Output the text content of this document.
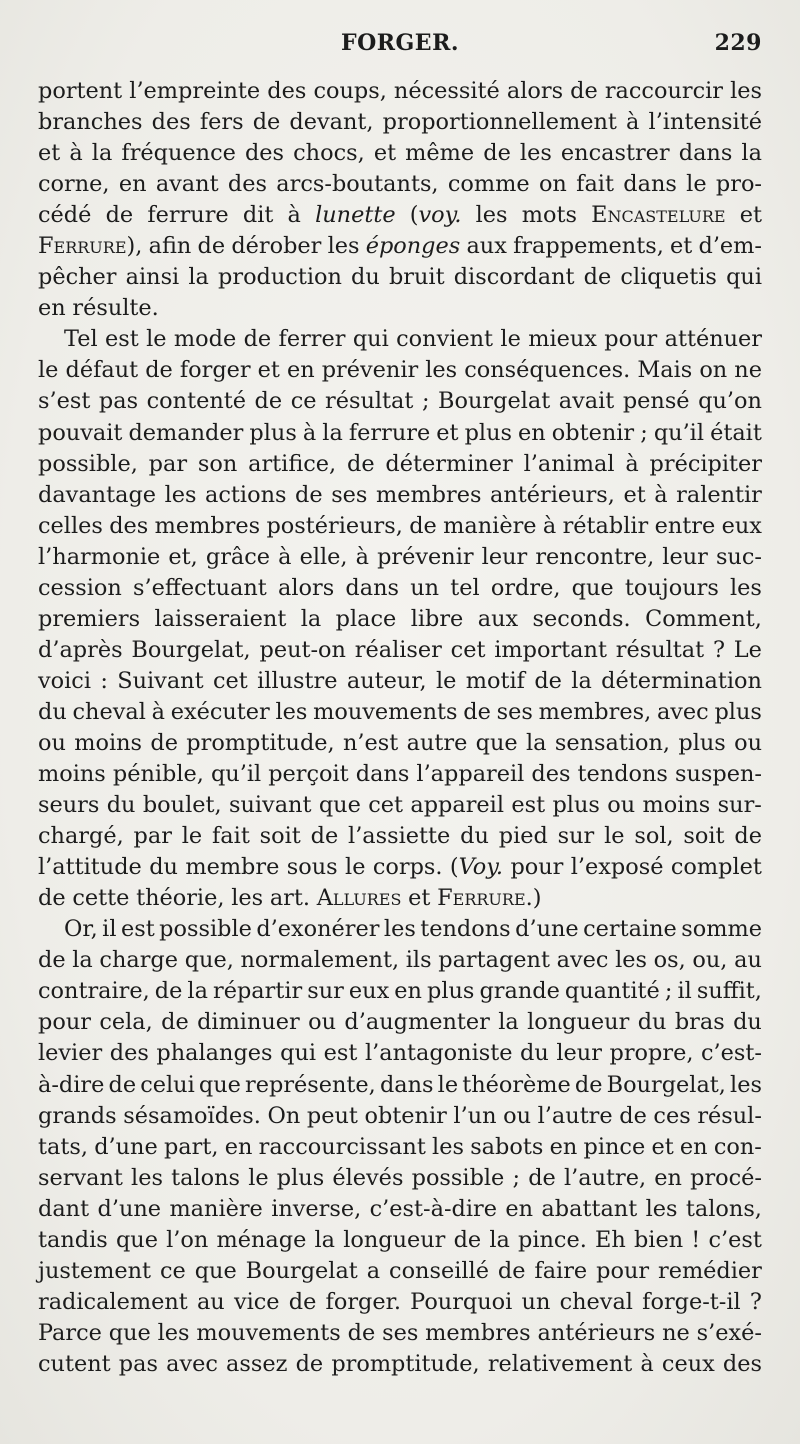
FORGER.	229
portent l’empreinte des coups, nécessité alors de raccourcir les
branches des fers de devant, proportionnellement à l’intensité
et à la fréquence des chocs, et même de les encastrer dans la
corne, en avant des arcs-boutants, comme on fait dans le pro-
cédé de ferrure dit à lunette (voy. les mots Encastelure et
Ferrure), afin de dérober les éponges aux frappements, et d’em-
pêcher ainsi la production du bruit discordant de cliquetis qui
en résulte.
Tel est le mode de ferrer qui convient le mieux pour atténuer
le défaut de forger et en prévenir les conséquences. Mais on ne
s’est pas contenté de ce résultat ; Bourgelat avait pensé qu’on
pouvait demander plus à la ferrure et plus en obtenir ; qu’il était
possible, par son artifice, de déterminer l’animal à précipiter
davantage les actions de ses membres antérieurs, et à ralentir
celles des membres postérieurs, de manière à rétablir entre eux
l’harmonie et, grâce à elle, à prévenir leur rencontre, leur suc-
cession s’effectuant alors dans un tel ordre, que toujours les
premiers laisseraient la place libre aux seconds. Comment,
d’après Bourgelat, peut-on réaliser cet important résultat ? Le
voici : Suivant cet illustre auteur, le motif de la détermination
du cheval à exécuter les mouvements de ses membres, avec plus
ou moins de promptitude, n’est autre que la sensation, plus ou
moins pénible, qu’il perçoit dans l’appareil des tendons suspen-
seurs du boulet, suivant que cet appareil est plus ou moins sur-
chargé, par le fait soit de l’assiette du pied sur le sol, soit de
l’attitude du membre sous le corps. (Voy. pour l’exposé complet
de cette théorie, les art. Allures et Ferrure.)
Or, il est possible d’exonérer les tendons d’une certaine somme
de la charge que, normalement, ils partagent avec les os, ou, au
contraire, de la répartir sur eux en plus grande quantité ; il suffit,
pour cela, de diminuer ou d’augmenter la longueur du bras du
levier des phalanges qui est l’antagoniste du leur propre, c’est-
à-dire de celui que représente, dans le théorème de Bourgelat, les
grands sésamoïdes. On peut obtenir l’un ou l’autre de ces résul-
tats, d’une part, en raccourcissant les sabots en pince et en con-
servant les talons le plus élevés possible ; de l’autre, en procé-
dant d’une manière inverse, c’est-à-dire en abattant les talons,
tandis que l’on ménage la longueur de la pince. Eh bien ! c’est
justement ce que Bourgelat a conseillé de faire pour remédier
radicalement au vice de forger. Pourquoi un cheval forge-t-il ?
Parce que les mouvements de ses membres antérieurs ne s’exé-
cutent pas avec assez de promptitude, relativement à ceux des
